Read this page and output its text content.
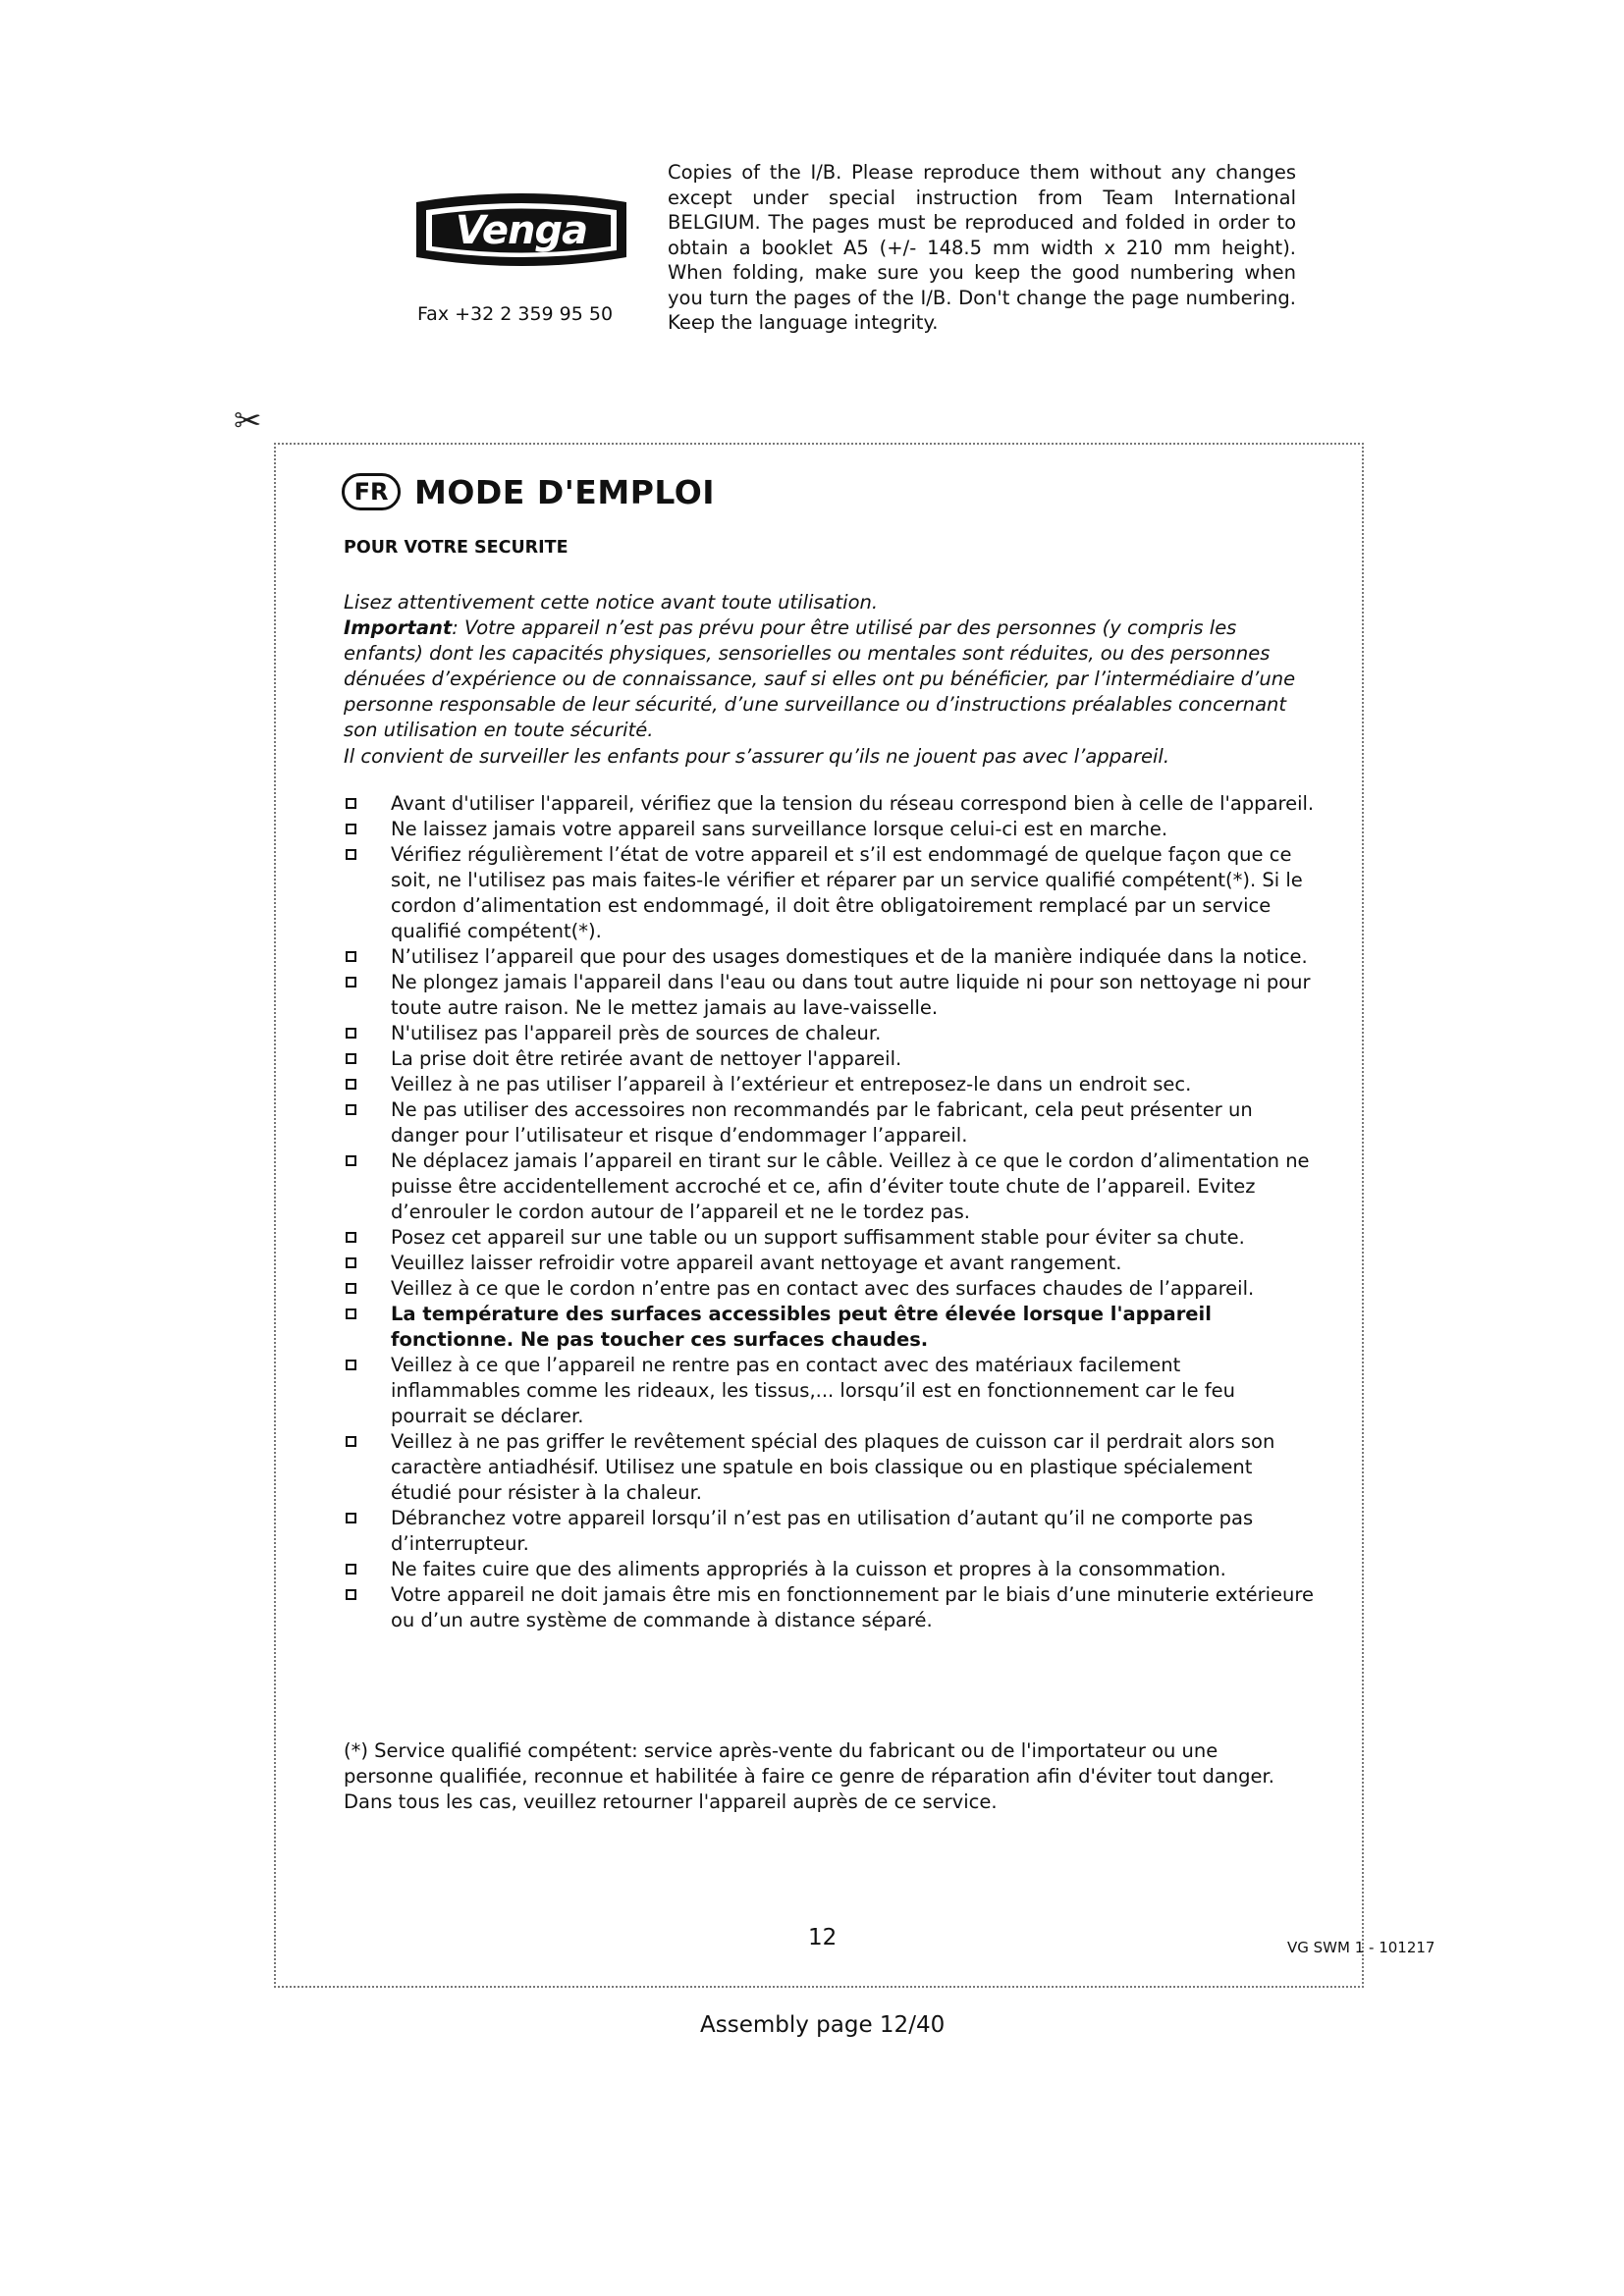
Venga
Fax +32 2 359 95 50

Copies of the I/B. Please reproduce them without any changes except under special instruction from Team International BELGIUM. The pages must be reproduced and folded in order to obtain a booklet A5 (+/- 148.5 mm width x 210 mm height). When folding, make sure you keep the good numbering when you turn the pages of the I/B. Don't change the page numbering. Keep the language integrity.

✂
FR MODE D'EMPLOI
POUR VOTRE SECURITE

Lisez attentivement cette notice avant toute utilisation.

Important: Votre appareil n’est pas prévu pour être utilisé par des personnes (y compris les enfants) dont les capacités physiques, sensorielles ou mentales sont réduites, ou des personnes dénuées d’expérience ou de connaissance, sauf si elles ont pu bénéficier, par l’intermédiaire d’une personne responsable de leur sécurité, d’une surveillance ou d’instructions préalables concernant son utilisation en toute sécurité.

Il convient de surveiller les enfants pour s’assurer qu’ils ne jouent pas avec l’appareil.

Avant d'utiliser l'appareil, vérifiez que la tension du réseau correspond bien à celle de l'appareil.
Ne laissez jamais votre appareil sans surveillance lorsque celui-ci est en marche.
Vérifiez régulièrement l’état de votre appareil et s’il est endommagé de quelque façon que ce soit, ne l'utilisez pas mais faites-le vérifier et réparer par un service qualifié compétent(*). Si le cordon d’alimentation est endommagé, il doit être obligatoirement remplacé par un service qualifié compétent(*).
N’utilisez l’appareil que pour des usages domestiques et de la manière indiquée dans la notice.
Ne plongez jamais l'appareil dans l'eau ou dans tout autre liquide ni pour son nettoyage ni pour toute autre raison. Ne le mettez jamais au lave-vaisselle.
N'utilisez pas l'appareil près de sources de chaleur.
La prise doit être retirée avant de nettoyer l'appareil.
Veillez à ne pas utiliser l’appareil à l’extérieur et entreposez-le dans un endroit sec.
Ne pas utiliser des accessoires non recommandés par le fabricant, cela peut présenter un danger pour l’utilisateur et risque d’endommager l’appareil.
Ne déplacez jamais l’appareil en tirant sur le câble. Veillez à ce que le cordon d’alimentation ne puisse être accidentellement accroché et ce, afin d’éviter toute chute de l’appareil. Evitez d’enrouler le cordon autour de l’appareil et ne le tordez pas.
Posez cet appareil sur une table ou un support suffisamment stable pour éviter sa chute.
Veuillez laisser refroidir votre appareil avant nettoyage et avant rangement.
Veillez à ce que le cordon n’entre pas en contact avec des surfaces chaudes de l’appareil.
La température des surfaces accessibles peut être élevée lorsque l'appareil fonctionne. Ne pas toucher ces surfaces chaudes.
Veillez à ce que l’appareil ne rentre pas en contact avec des matériaux facilement inflammables comme les rideaux, les tissus,... lorsqu’il est en fonctionnement car le feu pourrait se déclarer.
Veillez à ne pas griffer le revêtement spécial des plaques de cuisson car il perdrait alors son caractère antiadhésif. Utilisez une spatule en bois classique ou en plastique spécialement étudié pour résister à la chaleur.
Débranchez votre appareil lorsqu’il n’est pas en utilisation d’autant qu’il ne comporte pas d’interrupteur.
Ne faites cuire que des aliments appropriés à la cuisson et propres à la consommation.
Votre appareil ne doit jamais être mis en fonctionnement par le biais d’une minuterie extérieure ou d’un autre système de commande à distance séparé.

(*) Service qualifié compétent: service après-vente du fabricant ou de l'importateur ou une personne qualifiée, reconnue et habilitée à faire ce genre de réparation afin d'éviter tout danger. Dans tous les cas, veuillez retourner l'appareil auprès de ce service.

12	VG SWM 1 - 101217
Assembly page 12/40
